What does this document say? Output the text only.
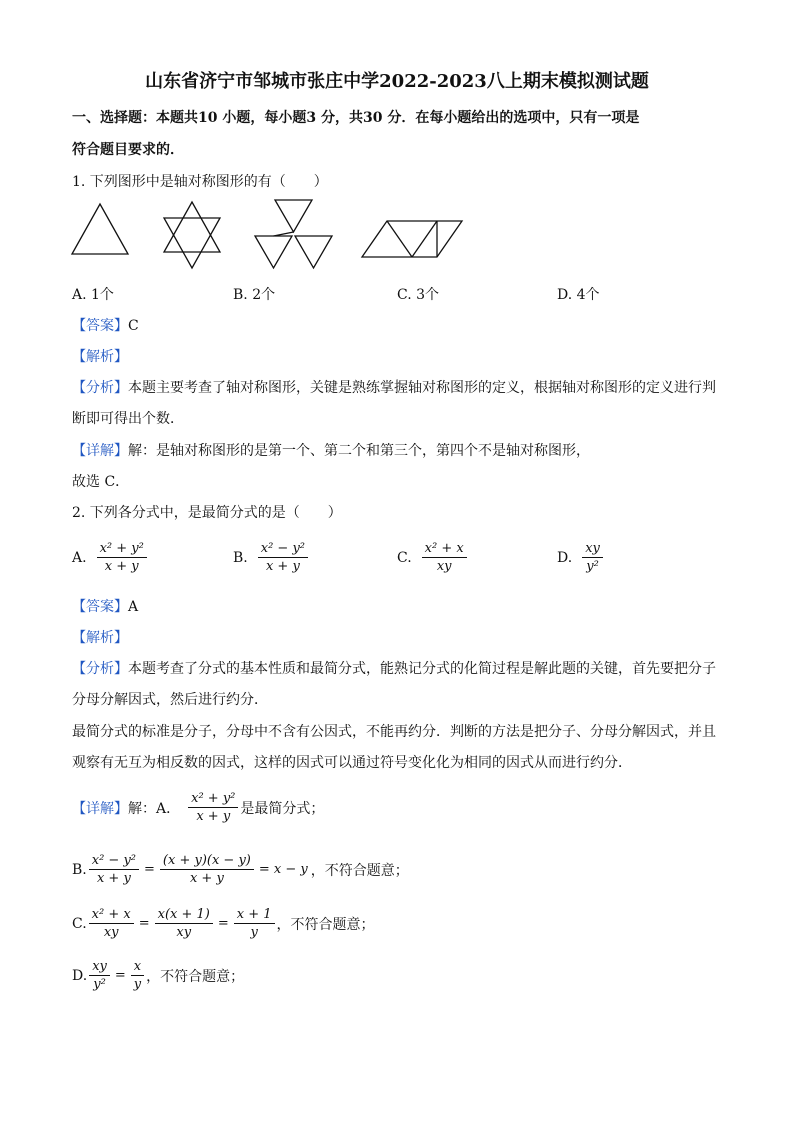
山东省济宁市邹城市张庄中学2022-2023八上期末模拟测试题
一、选择题：本题共10 小题，每小题3 分，共30 分．在每小题给出的选项中，只有一项是
符合题目要求的．
1. 下列图形中是轴对称图形的有（　　）
A. 1个	B. 2个	C. 3个	D. 4个
【答案】C
【解析】
【分析】本题主要考查了轴对称图形，关键是熟练掌握轴对称图形的定义，根据轴对称图形的定义进行判
断即可得出个数．
【详解】解：是轴对称图形的是第一个、第二个和第三个，第四个不是轴对称图形，
故选 C．
2. 下列各分式中，是最简分式的是（　　）
A. $\frac{\text{x² + y²}}{x + y}$	B. $\frac{\text{x² − y²}}{x + y}$	C. $\frac{\text{x² + x}}{xy}$	D. $\frac{xy}{\text{y²}}$
【答案】A
【解析】
【分析】本题考查了分式的基本性质和最简分式，能熟记分式的化简过程是解此题的关键，首先要把分子
分母分解因式，然后进行约分．
最简分式的标准是分子，分母中不含有公因式，不能再约分．判断的方法是把分子、分母分解因式，并且
观察有无互为相反数的因式，这样的因式可以通过符号变化化为相同的因式从而进行约分．
【详解】 解：A． $\frac{\text{x² + y²}}{x + y}$ 是最简分式；
B. $\frac{\text{x² − y²}}{x + y} = \frac{(x + y)(x - y)}{x + y} = x - y$ ，不符合题意；
C. $\frac{\text{x² + x}}{xy} = \frac{x(x + 1)}{xy} = \frac{x + 1}{y}$ ，不符合题意；
D. $\frac{xy}{\text{y²}} = \frac{x}{y}$ ，不符合题意；
